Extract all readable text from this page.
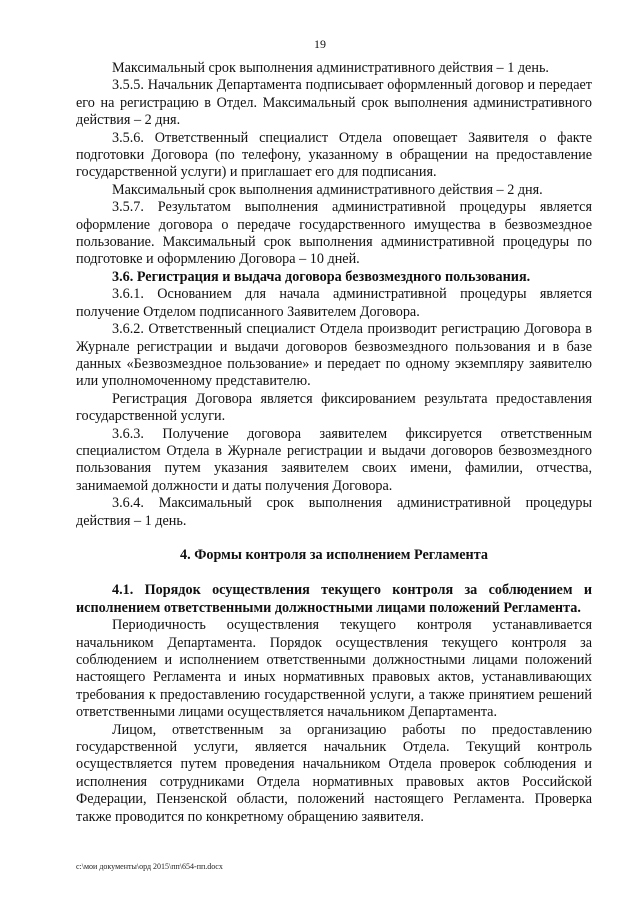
19

Максимальный срок выполнения административного действия – 1 день.

3.5.5. Начальник Департамента подписывает оформленный договор и передает его на регистрацию в Отдел. Максимальный срок выполнения административного действия – 2 дня.

3.5.6. Ответственный специалист Отдела оповещает Заявителя о факте подготовки Договора (по телефону, указанному в обращении на предоставление государственной услуги) и приглашает его для подписания.

Максимальный срок выполнения административного действия – 2 дня.

3.5.7. Результатом выполнения административной процедуры является оформление договора о передаче государственного имущества в безвозмездное пользование. Максимальный срок выполнения административной процедуры по подготовке и оформлению Договора – 10 дней.

3.6. Регистрация и выдача договора безвозмездного пользования.

3.6.1. Основанием для начала административной процедуры является получение Отделом подписанного Заявителем Договора.

3.6.2. Ответственный специалист Отдела производит регистрацию Договора в Журнале регистрации и выдачи договоров безвозмездного пользования и в базе данных «Безвозмездное пользование» и передает по одному экземпляру заявителю или уполномоченному представителю.

Регистрация Договора является фиксированием результата предоставления государственной услуги.

3.6.3. Получение договора заявителем фиксируется ответственным специалистом Отдела в Журнале регистрации и выдачи договоров безвозмездного пользования путем указания заявителем своих имени, фамилии, отчества, занимаемой должности и даты получения Договора.

3.6.4. Максимальный срок выполнения административной процедуры действия – 1 день.

4. Формы контроля за исполнением Регламента

4.1. Порядок осуществления текущего контроля за соблюдением и исполнением ответственными должностными лицами положений Регламента.

Периодичность осуществления текущего контроля устанавливается начальником Департамента. Порядок осуществления текущего контроля за соблюдением и исполнением ответственными должностными лицами положений настоящего Регламента и иных нормативных правовых актов, устанавливающих требования к предоставлению государственной услуги, а также принятием решений ответственными лицами осуществляется начальником Департамента.

Лицом, ответственным за организацию работы по предоставлению государственной услуги, является начальник Отдела. Текущий контроль осуществляется путем проведения начальником Отдела проверок соблюдения и исполнения сотрудниками Отдела нормативных правовых актов Российской Федерации, Пензенской области, положений настоящего Регламента. Проверка также проводится по конкретному обращению заявителя.

c:\мои документы\орд 2015\пп\654-пп.docx
